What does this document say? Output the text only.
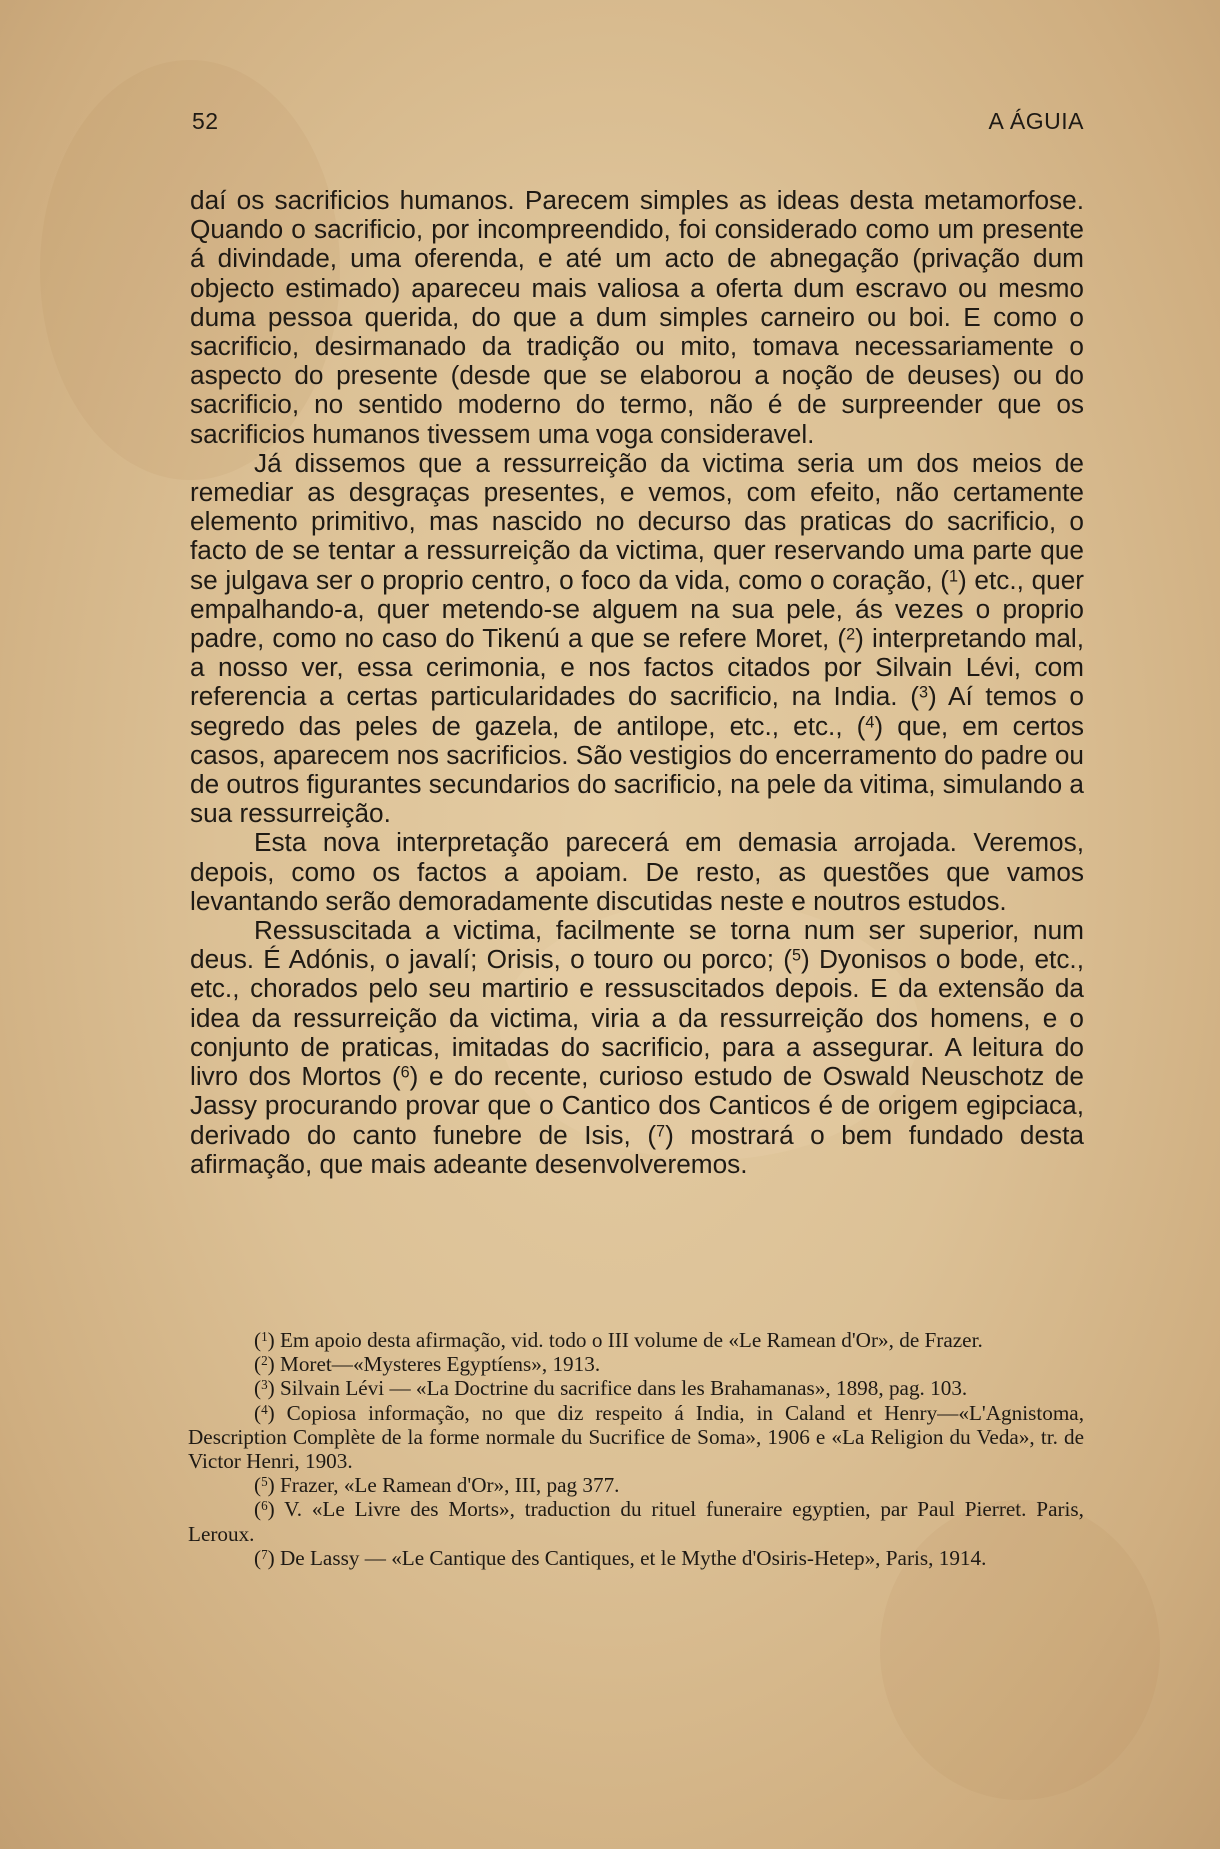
52	A ÁGUIA

daí os sacrificios humanos. Parecem simples as ideas desta metamorfose. Quando o sacrificio, por incompreendido, foi considerado como um presente á divindade, uma oferenda, e até um acto de abnegação (privação dum objecto estimado) apareceu mais valiosa a oferta dum escravo ou mesmo duma pessoa querida, do que a dum simples carneiro ou boi. E como o sacrificio, desirmanado da tradição ou mito, tomava necessariamente o aspecto do presente (desde que se elaborou a noção de deuses) ou do sacrificio, no sentido moderno do termo, não é de surpreender que os sacrificios humanos tivessem uma voga consideravel.

Já dissemos que a ressurreição da victima seria um dos meios de remediar as desgraças presentes, e vemos, com efeito, não certamente elemento primitivo, mas nascido no decurso das praticas do sacrificio, o facto de se tentar a ressurreição da victima, quer reservando uma parte que se julgava ser o proprio centro, o foco da vida, como o coração, ($^1$) etc., quer empalhando-a, quer metendo-se alguem na sua pele, ás vezes o proprio padre, como no caso do Tikenú a que se refere Moret, ($^2$) interpretando mal, a nosso ver, essa cerimonia, e nos factos citados por Silvain Lévi, com referencia a certas particularidades do sacrificio, na India. ($^3$) Aí temos o segredo das peles de gazela, de antilope, etc., etc., ($^4$) que, em certos casos, aparecem nos sacrificios. São vestigios do encerramento do padre ou de outros figurantes secundarios do sacrificio, na pele da vitima, simulando a sua ressurreição.

Esta nova interpretação parecerá em demasia arrojada. Veremos, depois, como os factos a apoiam. De resto, as questões que vamos levantando serão demoradamente discutidas neste e noutros estudos.

Ressuscitada a victima, facilmente se torna num ser superior, num deus. É Adónis, o javalí; Orisis, o touro ou porco; ($^5$) Dyonisos o bode, etc., etc., chorados pelo seu martirio e ressuscitados depois. E da extensão da idea da ressurreição da victima, viria a da ressurreição dos homens, e o conjunto de praticas, imitadas do sacrificio, para a assegurar. A leitura do livro dos Mortos ($^6$) e do recente, curioso estudo de Oswald Neuschotz de Jassy procurando provar que o Cantico dos Canticos é de origem egipciaca, derivado do canto funebre de Isis, ($^7$) mostrará o bem fundado desta afirmação, que mais adeante desenvolveremos.

($^1$) Em apoio desta afirmação, vid. todo o III volume de «Le Ramean d'Or», de Frazer.

($^2$) Moret—«Mysteres Egyptíens», 1913.

($^3$) Silvain Lévi — «La Doctrine du sacrifice dans les Brahamanas», 1898, pag. 103.

($^4$) Copiosa informação, no que diz respeito á India, in Caland et Henry—«L'Agnistoma, Description Complète de la forme normale du Sucrifice de Soma», 1906 e «La Religion du Veda», tr. de Victor Henri, 1903.

($^5$) Frazer, «Le Ramean d'Or», III, pag 377.

($^6$) V. «Le Livre des Morts», traduction du rituel funeraire egyptien, par Paul Pierret. Paris, Leroux.

($^7$) De Lassy — «Le Cantique des Cantiques, et le Mythe d'Osiris-Hetep», Paris, 1914.
